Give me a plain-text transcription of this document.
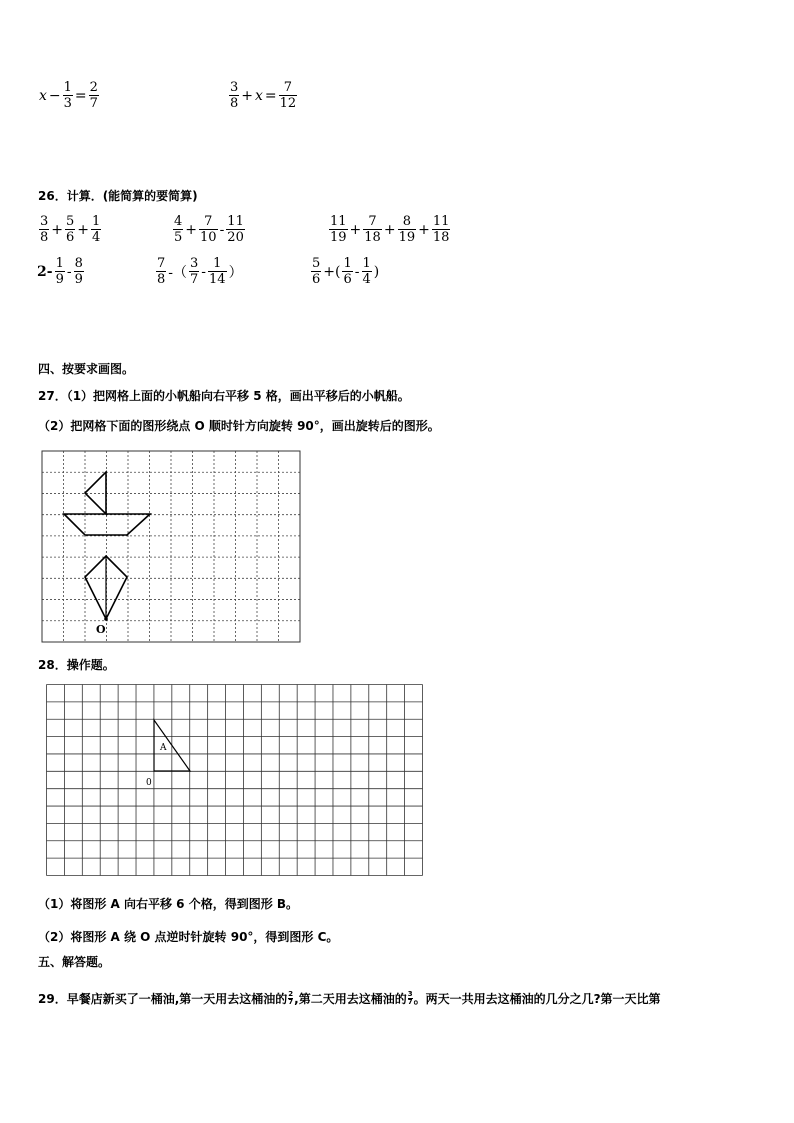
$x - \frac{1}{3} = \frac{2}{7}$	$\frac{3}{8} + x = \frac{7}{12}$
26．计算．(能简算的要简算)
$\frac{3}{8} + \frac{5}{6} + \frac{1}{4}$	$\frac{4}{5} + \frac{7}{10} - \frac{11}{20}$	$\frac{11}{19} + \frac{7}{18} + \frac{8}{19} + \frac{11}{18}$
$2- \frac{1}{9} - \frac{8}{9}$	$\frac{7}{8}$ -（ $\frac{3}{7} - \frac{1}{14}$ ）	$\frac{5}{6}$ +( $\frac{1}{6} - \frac{1}{4}$ )
四、按要求画图。
27．（1）把网格上面的小帆船向右平移 5 格，画出平移后的小帆船。
（2）把网格下面的图形绕点 O 顺时针方向旋转 90°，画出旋转后的图形。
O
28．操作题。
A
0
（1）将图形 A 向右平移 6 个格，得到图形 B。
（2）将图形 A 绕 O 点逆时针旋转 90°，得到图形 C。
五、解答题。
29．早餐店新买了一桶油,第一天用去这桶油的 $\frac{2}{7}$ ,第二天用去这桶油的 $\frac{3}{7}$ 。两天一共用去这桶油的几分之几?第一天比第
